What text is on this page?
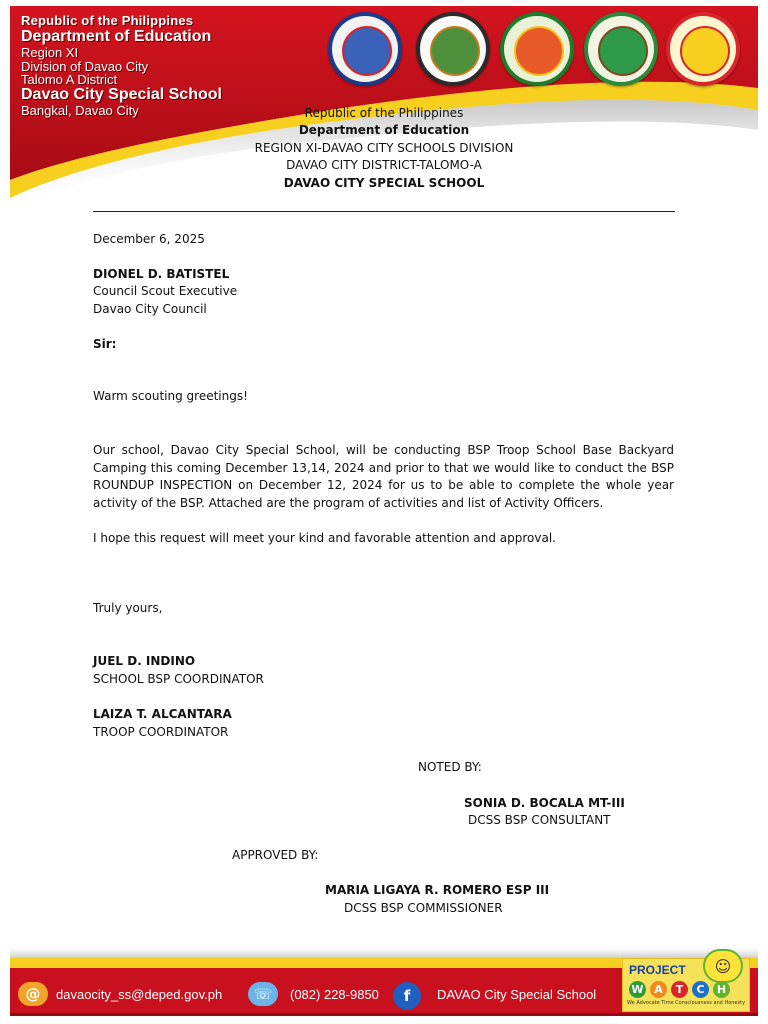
Republic of the Philippines
Department of Education
Region XI
Division of Davao City
Talomo A District
Davao City Special School
Bangkal, Davao City	Republic of the Philippines
Department of Education
REGION XI-DAVAO CITY SCHOOLS DIVISION
DAVAO CITY DISTRICT-TALOMO-A
DAVAO CITY SPECIAL SCHOOL
December 6, 2025
DIONEL D. BATISTEL
Council Scout Executive
Davao City Council
Sir:
Warm scouting greetings!
Our school, Davao City Special School, will be conducting BSP Troop School Base Backyard Camping this coming December 13,14, 2024 and prior to that we would like to conduct the BSP ROUNDUP INSPECTION on December 12, 2024 for us to be able to complete the whole year activity of the BSP. Attached are the program of activities and list of Activity Officers.
I hope this request will meet your kind and favorable attention and approval.
Truly yours,
JUEL D. INDINO
SCHOOL BSP COORDINATOR
LAIZA T. ALCANTARA
TROOP COORDINATOR
NOTED BY:
SONIA D. BOCALA MT-III
DCSS BSP CONSULTANT
APPROVED BY:
MARIA LIGAYA R. ROMERO ESP III
DCSS BSP COMMISSIONER
@	davaocity_ss@deped.gov.ph	☏	(082) 228-9850	f	DAVAO City Special School
PROJECT	☺
W A	T	C	H
We Advocate Time Consciousness and Honesty
